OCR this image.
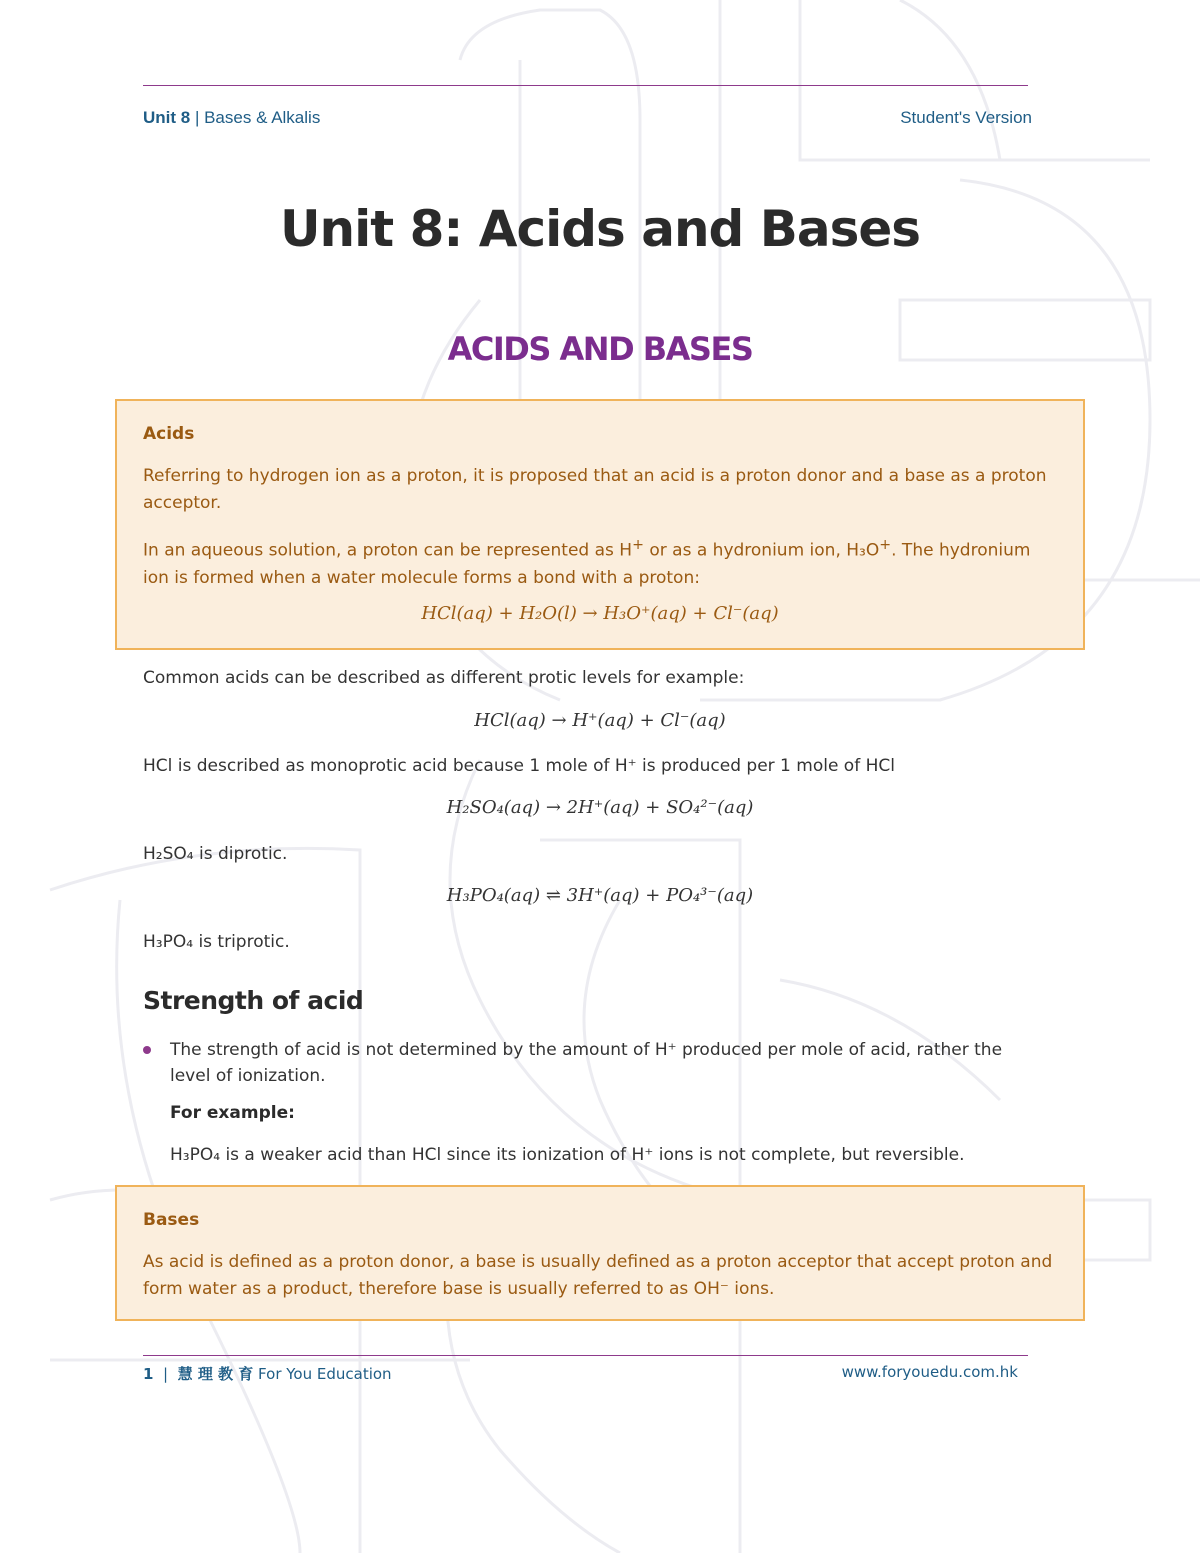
Unit 8 | Bases & Alkalis	Student's Version
Unit 8: Acids and Bases
ACIDS AND BASES
Acids
Referring to hydrogen ion as a proton, it is proposed that an acid is a proton donor and a base as a proton acceptor.
In an aqueous solution, a proton can be represented as H+ or as a hydronium ion, H₃O+. The hydronium ion is formed when a water molecule forms a bond with a proton:
HCl(aq) + H₂O(l) → H₃O⁺(aq) + Cl⁻(aq)
Common acids can be described as different protic levels for example:
HCl(aq) → H⁺(aq) + Cl⁻(aq)
HCl is described as monoprotic acid because 1 mole of H⁺ is produced per 1 mole of HCl
H₂SO₄(aq) → 2H⁺(aq) + SO₄²⁻(aq)
H₂SO₄ is diprotic.
H₃PO₄(aq) ⇌ 3H⁺(aq) + PO₄³⁻(aq)
H₃PO₄ is triprotic.
Strength of acid
The strength of acid is not determined by the amount of H⁺ produced per mole of acid, rather the level of ionization.
For example:
H₃PO₄ is a weaker acid than HCl since its ionization of H⁺ ions is not complete, but reversible.
Bases
As acid is defined as a proton donor, a base is usually defined as a proton acceptor that accept proton and form water as a product, therefore base is usually referred to as OH⁻ ions.
1 | 慧 理 教 育 For You Education	www.foryouedu.com.hk
